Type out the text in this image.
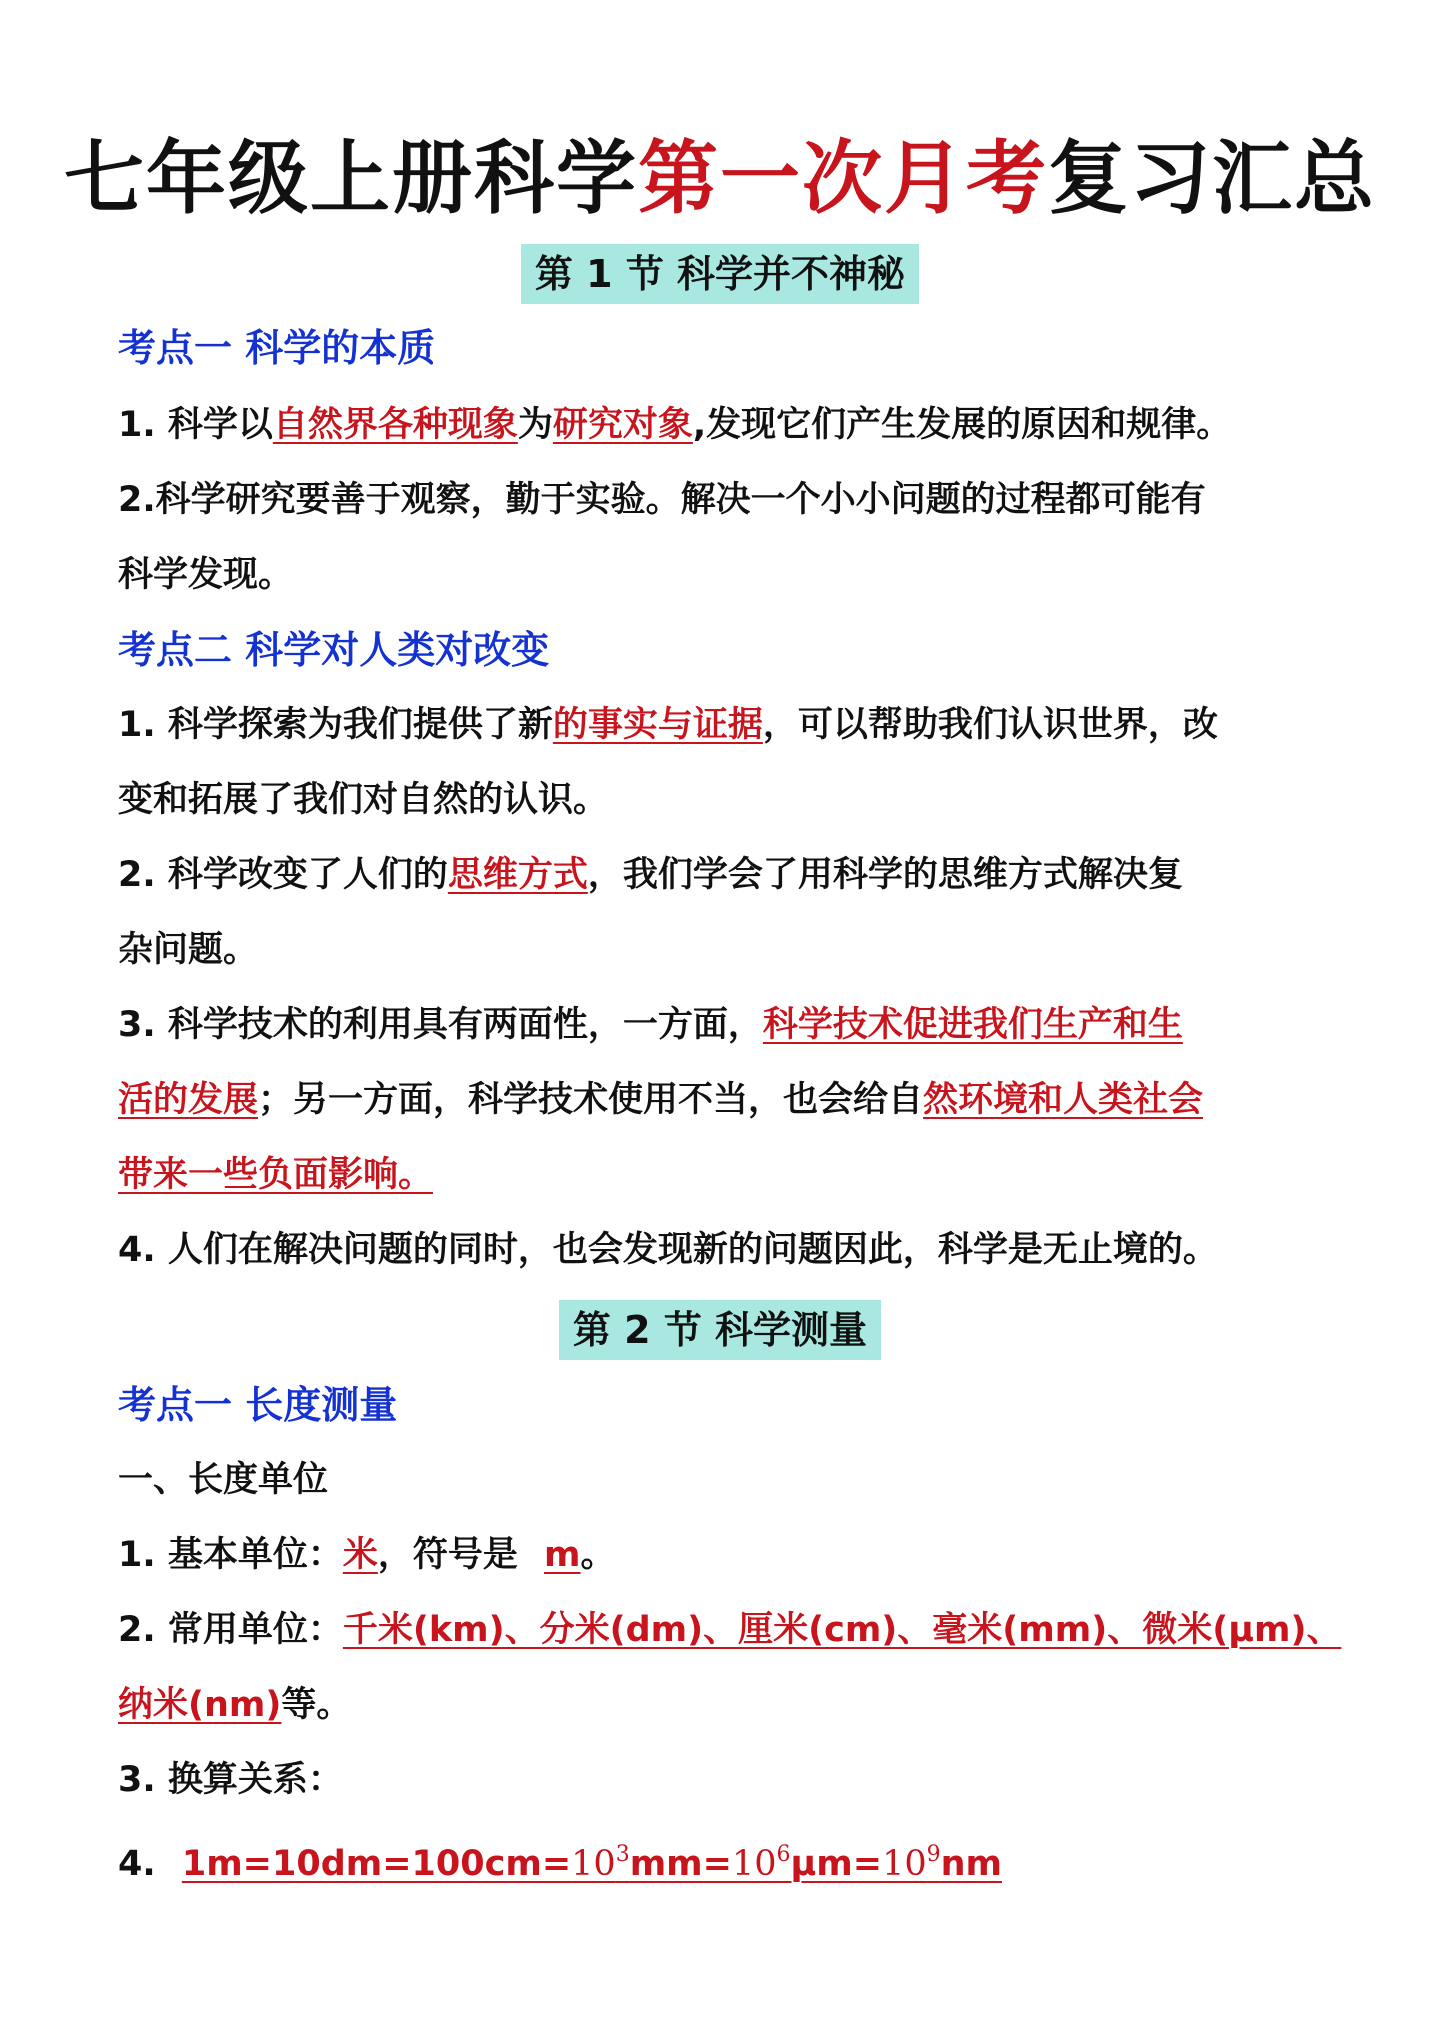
七年级上册科学第一次月考复习汇总
第 1 节 科学并不神秘
考点一 科学的本质
1. 科学以自然界各种现象为研究对象,发现它们产生发展的原因和规律。
2.科学研究要善于观察，勤于实验。解决一个小小问题的过程都可能有
科学发现。
考点二 科学对人类对改变
1. 科学探索为我们提供了新的事实与证据，可以帮助我们认识世界，改
变和拓展了我们对自然的认识。
2. 科学改变了人们的思维方式，我们学会了用科学的思维方式解决复
杂问题。
3. 科学技术的利用具有两面性，一方面，科学技术促进我们生产和生
活的发展；另一方面，科学技术使用不当，也会给自然环境和人类社会
带来一些负面影响。
4. 人们在解决问题的同时，也会发现新的问题因此，科学是无止境的。
第 2 节 科学测量
考点一 长度测量
一、长度单位
1. 基本单位：米，符号是 m。
2. 常用单位：千米(km)、分米(dm)、厘米(cm)、毫米(mm)、微米(μm)、
纳米(nm)等。
3. 换算关系：
4. $1m=10dm=100cm=10^3mm=10^6\mu m=10^9nm$
